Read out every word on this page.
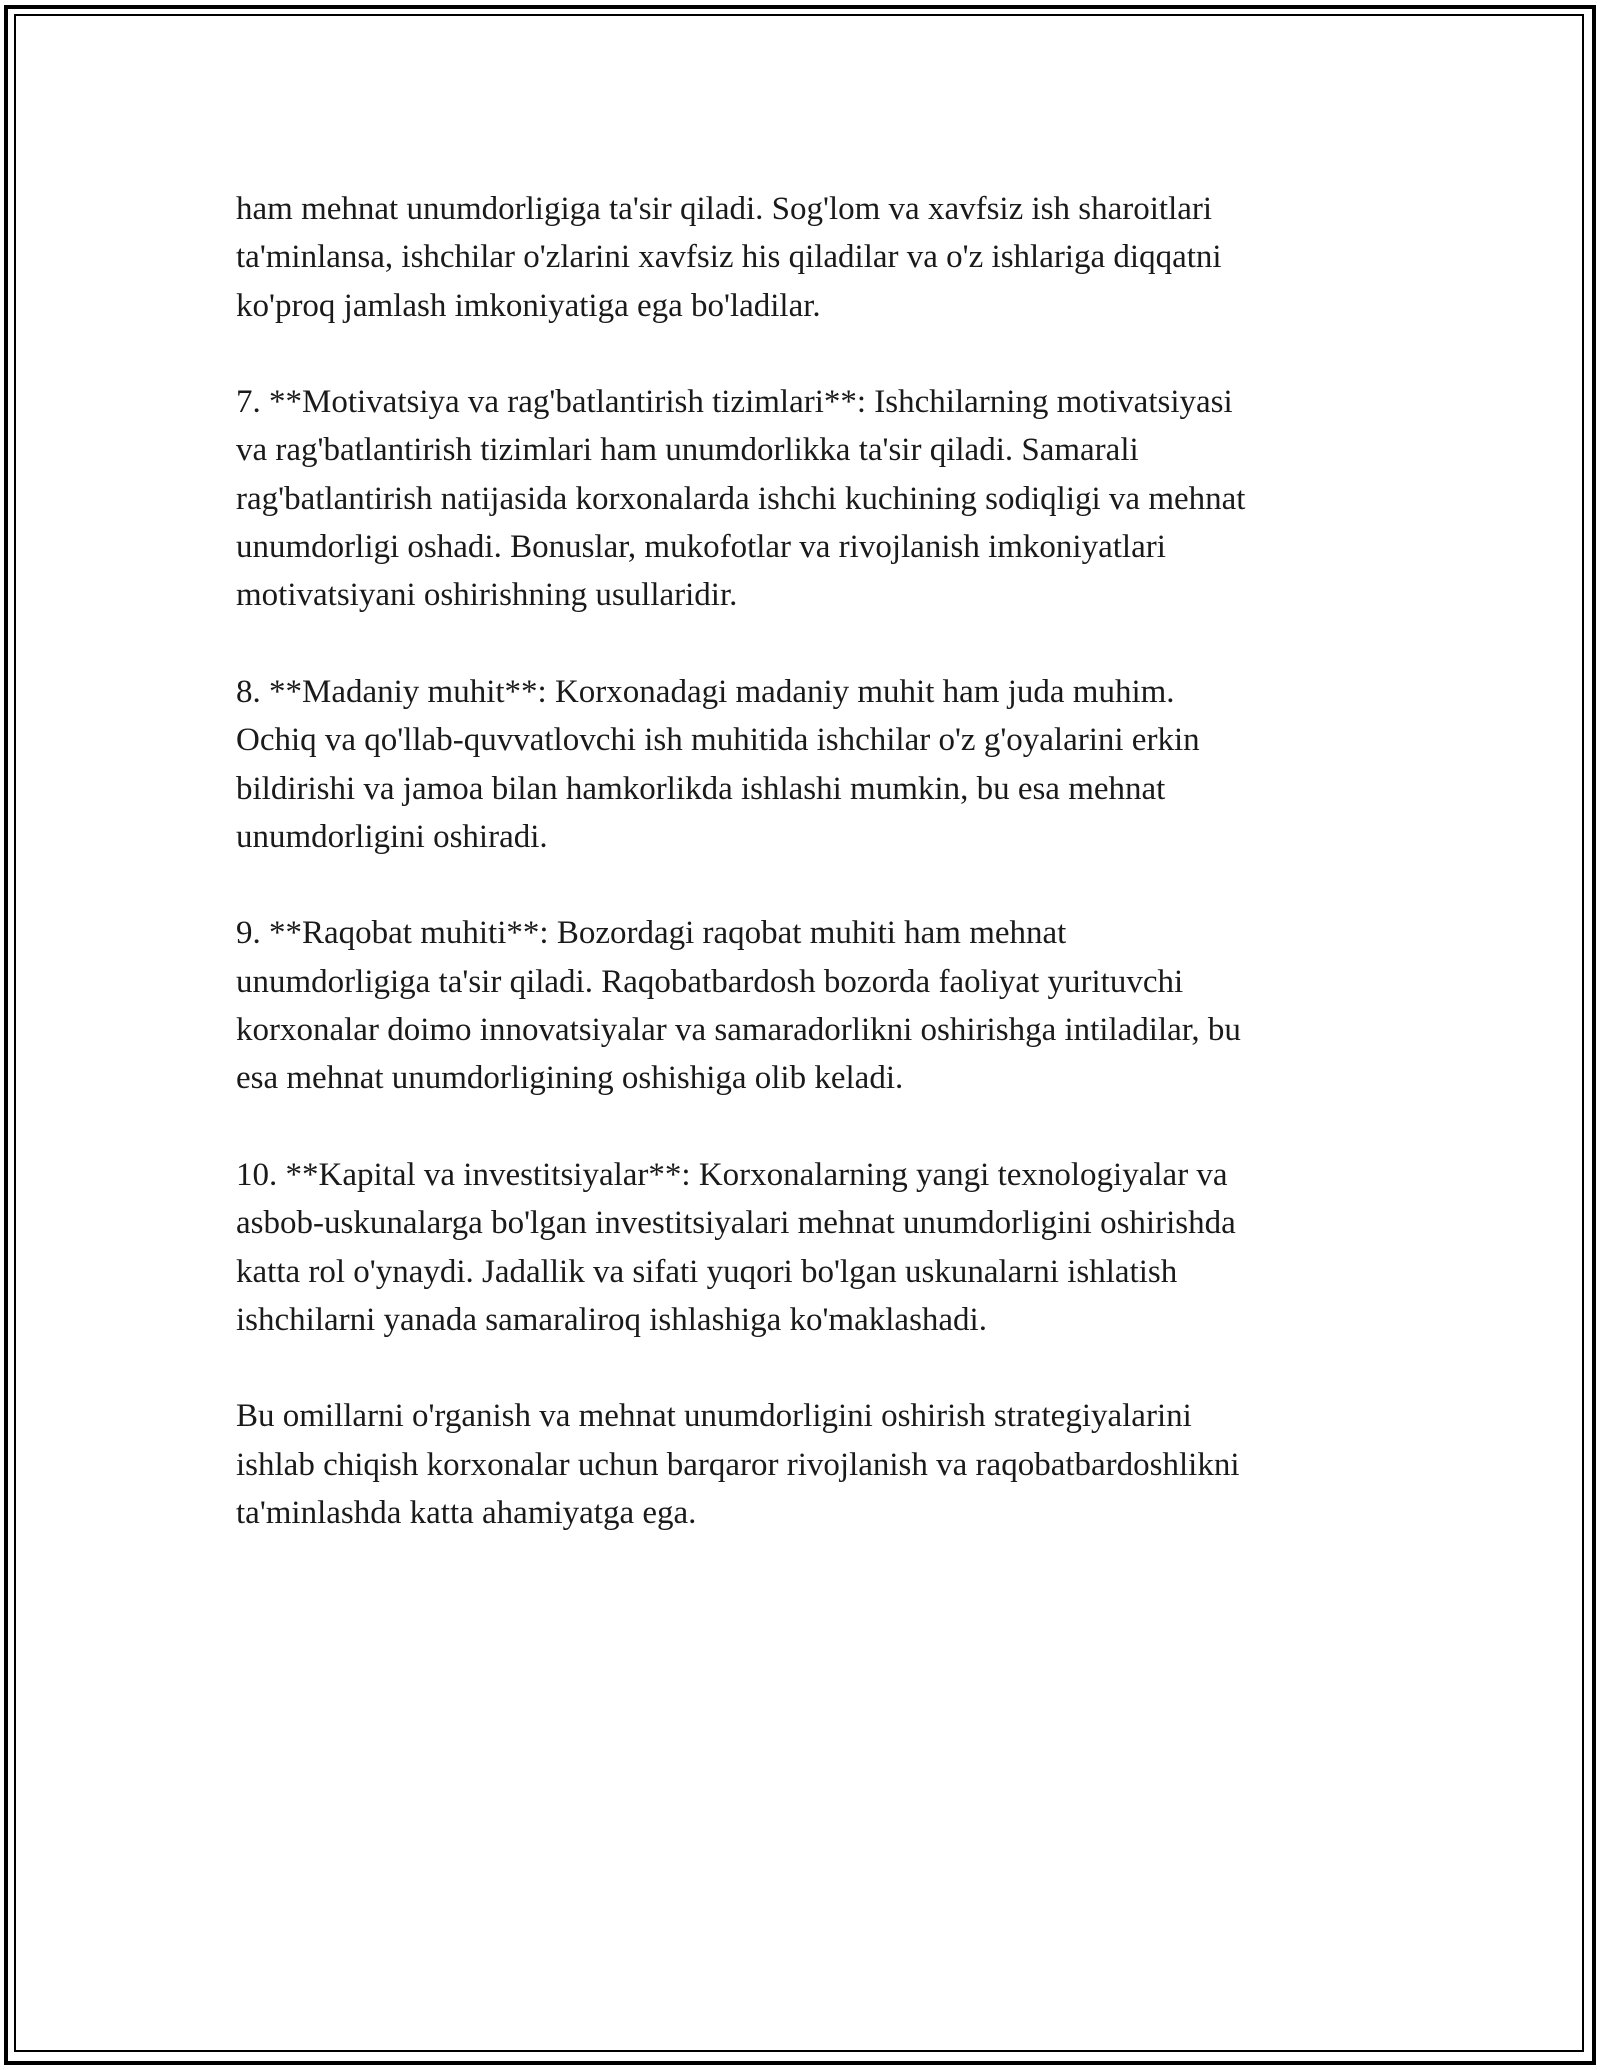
ham mehnat unumdorligiga ta'sir qiladi. Sog'lom va xavfsiz ish sharoitlari
ta'minlansa, ishchilar o'zlarini xavfsiz his qiladilar va o'z ishlariga diqqatni
ko'proq jamlash imkoniyatiga ega bo'ladilar.

7. **Motivatsiya va rag'batlantirish tizimlari**: Ishchilarning motivatsiyasi
va rag'batlantirish tizimlari ham unumdorlikka ta'sir qiladi. Samarali
rag'batlantirish natijasida korxonalarda ishchi kuchining sodiqligi va mehnat
unumdorligi oshadi. Bonuslar, mukofotlar va rivojlanish imkoniyatlari
motivatsiyani oshirishning usullaridir.

8. **Madaniy muhit**: Korxonadagi madaniy muhit ham juda muhim.
Ochiq va qo'llab-quvvatlovchi ish muhitida ishchilar o'z g'oyalarini erkin
bildirishi va jamoa bilan hamkorlikda ishlashi mumkin, bu esa mehnat
unumdorligini oshiradi.

9. **Raqobat muhiti**: Bozordagi raqobat muhiti ham mehnat
unumdorligiga ta'sir qiladi. Raqobatbardosh bozorda faoliyat yurituvchi
korxonalar doimo innovatsiyalar va samaradorlikni oshirishga intiladilar, bu
esa mehnat unumdorligining oshishiga olib keladi.

10. **Kapital va investitsiyalar**: Korxonalarning yangi texnologiyalar va
asbob-uskunalarga bo'lgan investitsiyalari mehnat unumdorligini oshirishda
katta rol o'ynaydi. Jadallik va sifati yuqori bo'lgan uskunalarni ishlatish
ishchilarni yanada samaraliroq ishlashiga ko'maklashadi.

Bu omillarni o'rganish va mehnat unumdorligini oshirish strategiyalarini
ishlab chiqish korxonalar uchun barqaror rivojlanish va raqobatbardoshlikni
ta'minlashda katta ahamiyatga ega.
